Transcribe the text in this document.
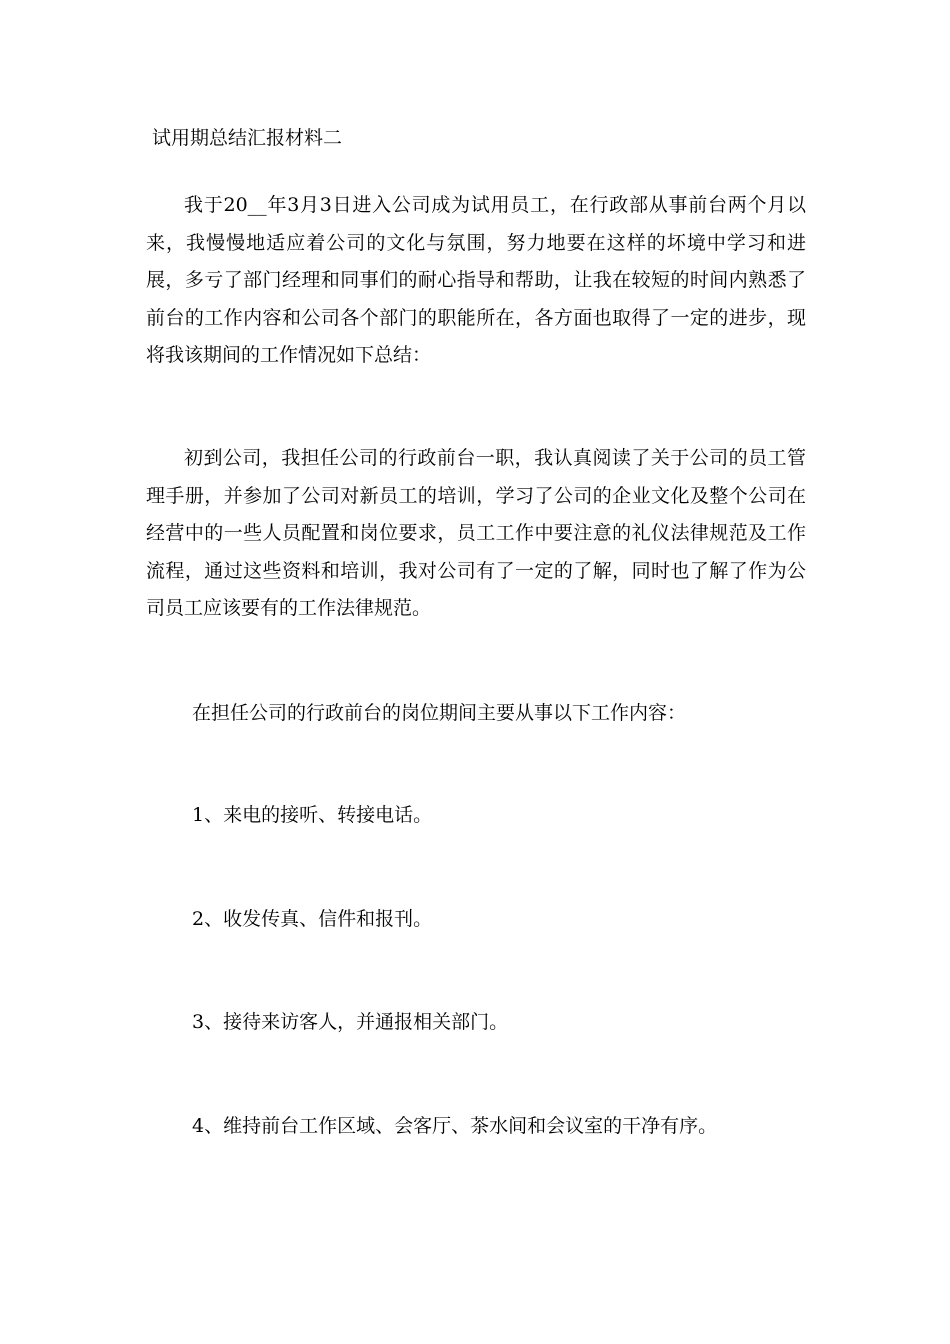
试用期总结汇报材料二

我于20__年3月3日进入公司成为试用员工，在行政部从事前台两个月以来，我慢慢地适应着公司的文化与氛围，努力地要在这样的坏境中学习和进展，多亏了部门经理和同事们的耐心指导和帮助，让我在较短的时间内熟悉了前台的工作内容和公司各个部门的职能所在，各方面也取得了一定的进步，现将我该期间的工作情况如下总结：

初到公司，我担任公司的行政前台一职，我认真阅读了关于公司的员工管理手册，并参加了公司对新员工的培训，学习了公司的企业文化及整个公司在经营中的一些人员配置和岗位要求，员工工作中要注意的礼仪法律规范及工作流程，通过这些资料和培训，我对公司有了一定的了解，同时也了解了作为公司员工应该要有的工作法律规范。

在担任公司的行政前台的岗位期间主要从事以下工作内容：

1、来电的接听、转接电话。

2、收发传真、信件和报刊。

3、接待来访客人，并通报相关部门。

4、维持前台工作区域、会客厅、茶水间和会议室的干净有序。
